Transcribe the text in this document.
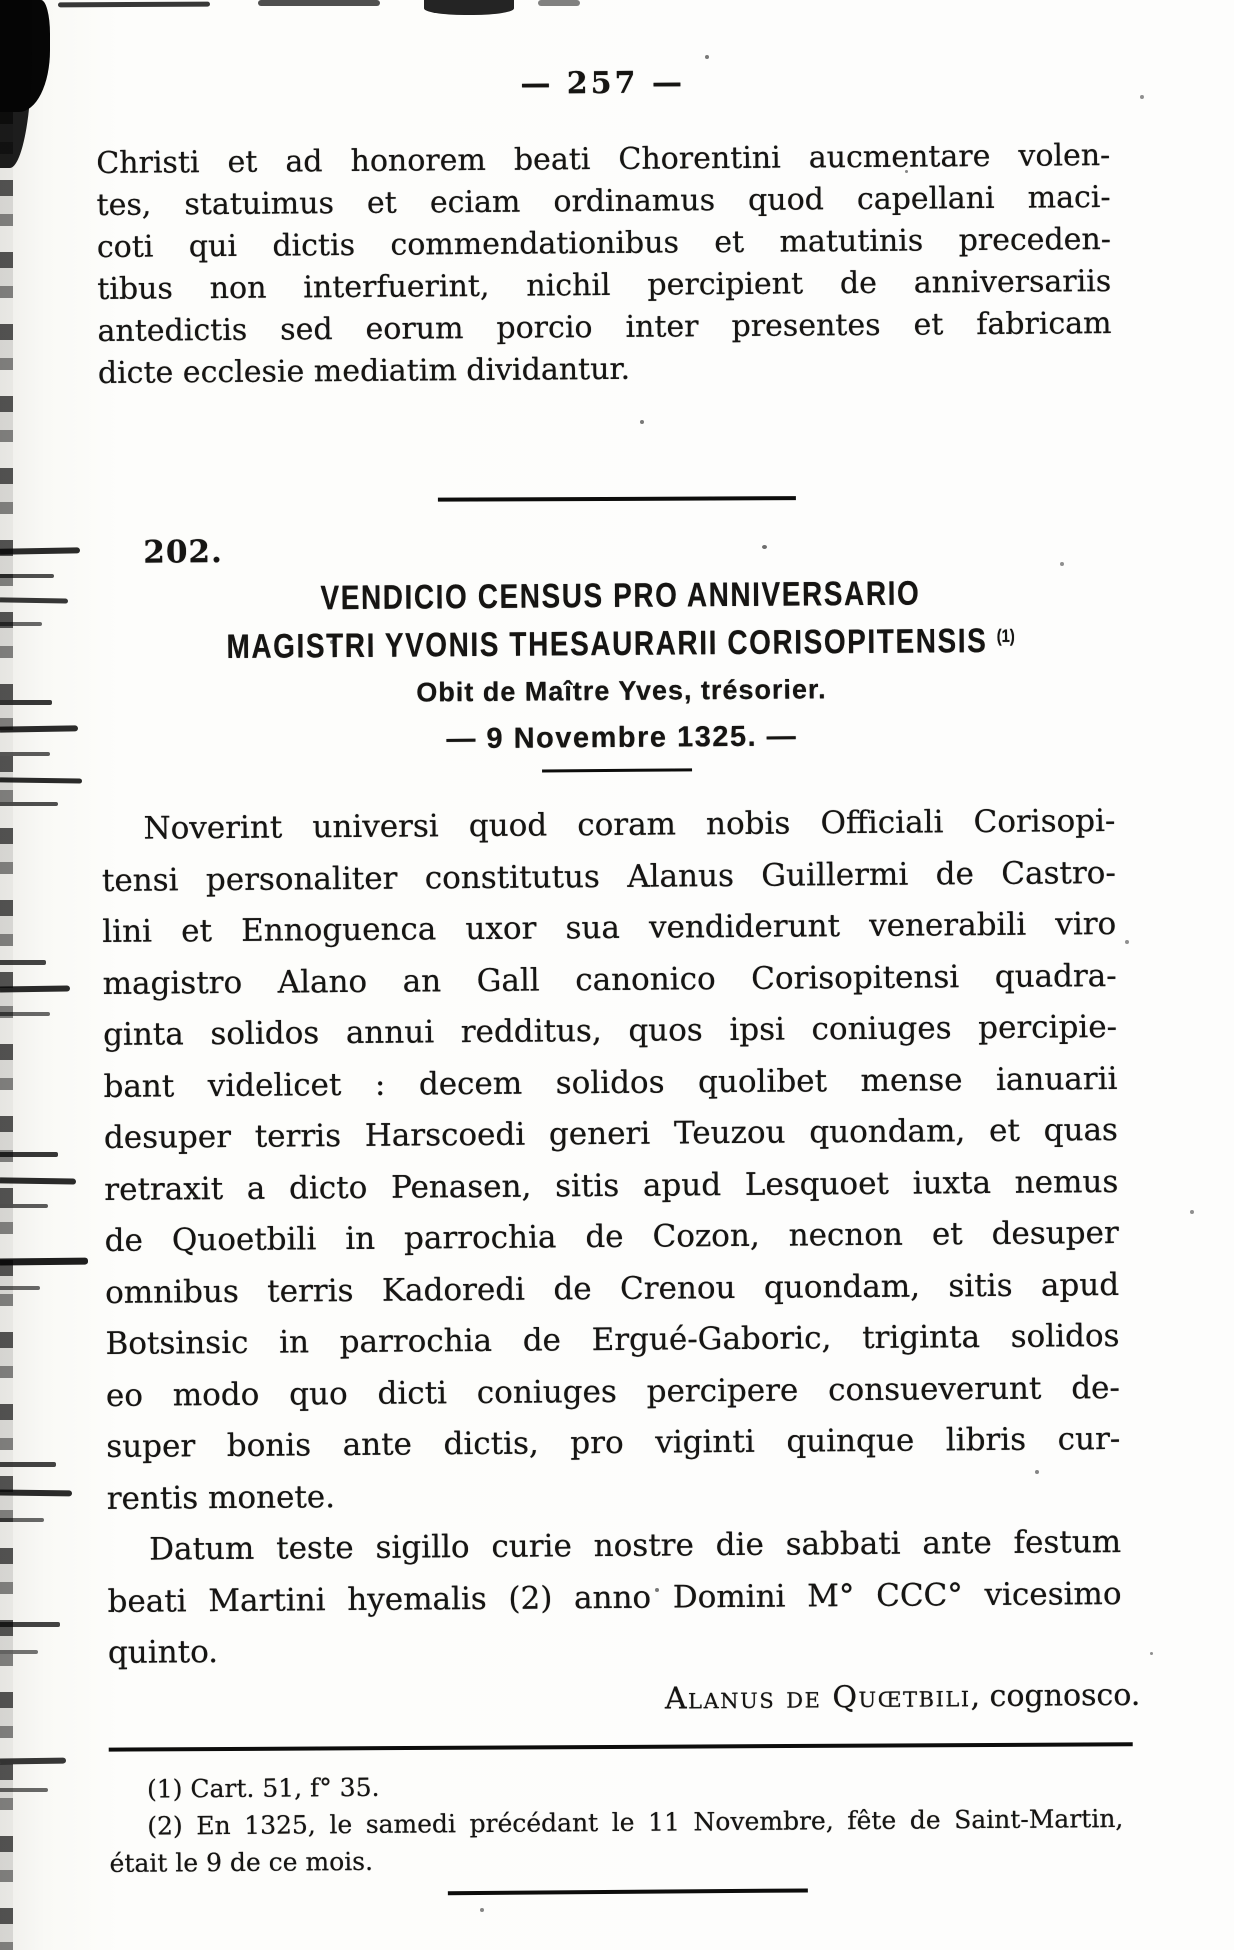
— 257 —
Christi et ad honorem beati Chorentini aucmentare volen-
tes, statuimus et eciam ordinamus quod capellani maci-
coti qui dictis commendationibus et matutinis preceden-
tibus non interfuerint, nichil percipient de anniversariis
antedictis sed eorum porcio inter presentes et fabricam
dicte ecclesie mediatim dividantur.
202.
VENDICIO CENSUS PRO ANNIVERSARIO
MAGISTRI YVONIS THESAURARII CORISOPITENSIS $^{(1)}$
Obit de Maître Yves, trésorier.
— 9 Novembre 1325. —
Noverint universi quod coram nobis Officiali Corisopi-
tensi personaliter constitutus Alanus Guillermi de Castro-
lini et Ennoguenca uxor sua vendiderunt venerabili viro
magistro Alano an Gall canonico Corisopitensi quadra-
ginta solidos annui redditus, quos ipsi coniuges percipie-
bant videlicet : decem solidos quolibet mense ianuarii
desuper terris Harscoedi generi Teuzou quondam, et quas
retraxit a dicto Penasen, sitis apud Lesquoet iuxta nemus
de Quoetbili in parrochia de Cozon, necnon et desuper
omnibus terris Kadoredi de Crenou quondam, sitis apud
Botsinsic in parrochia de Ergué-Gaboric, triginta solidos
eo modo quo dicti coniuges percipere consueverunt de-
super bonis ante dictis, pro viginti quinque libris cur-
rentis monete.
Datum teste sigillo curie nostre die sabbati ante festum
beati Martini hyemalis (2) anno Domini M° CCC° vicesimo
quinto.
Alanus de Quœtbili, cognosco.
(1) Cart. 51, f° 35.
(2) En 1325, le samedi précédant le 11 Novembre, fête de Saint-Martin,
était le 9 de ce mois.
